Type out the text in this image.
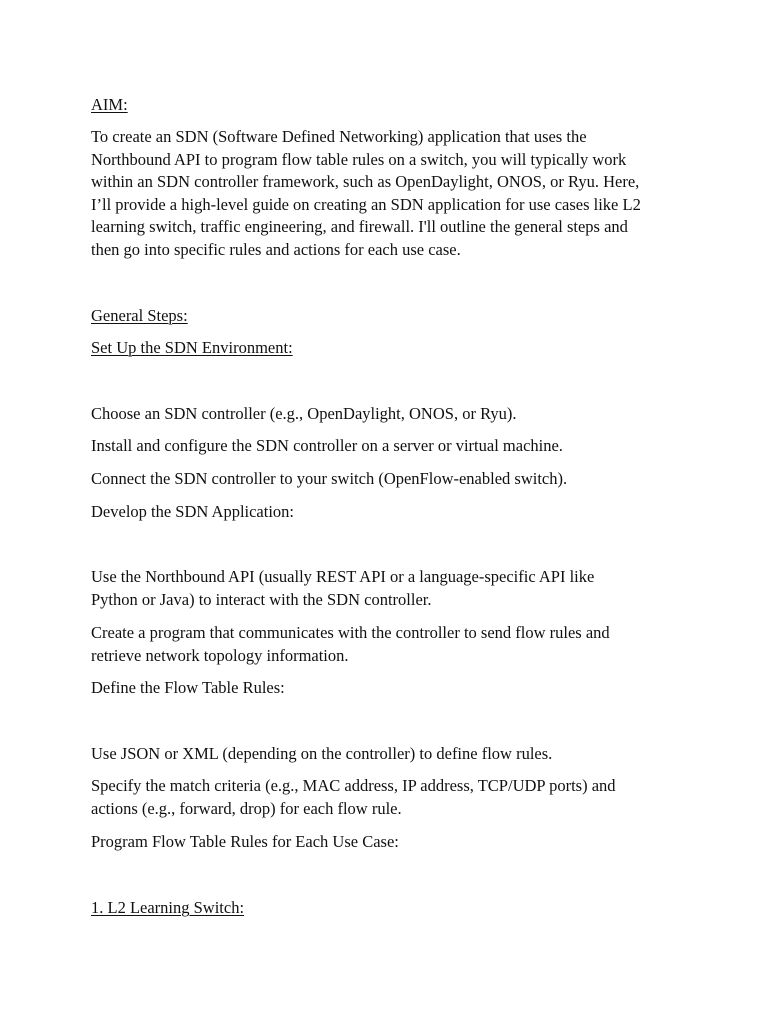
AIM:

To create an SDN (Software Defined Networking) application that uses the
Northbound API to program flow table rules on a switch, you will typically work
within an SDN controller framework, such as OpenDaylight, ONOS, or Ryu. Here,
I’ll provide a high-level guide on creating an SDN application for use cases like L2
learning switch, traffic engineering, and firewall. I'll outline the general steps and
then go into specific rules and actions for each use case.

General Steps:

Set Up the SDN Environment:

Choose an SDN controller (e.g., OpenDaylight, ONOS, or Ryu).

Install and configure the SDN controller on a server or virtual machine.

Connect the SDN controller to your switch (OpenFlow-enabled switch).

Develop the SDN Application:

Use the Northbound API (usually REST API or a language-specific API like
Python or Java) to interact with the SDN controller.

Create a program that communicates with the controller to send flow rules and
retrieve network topology information.

Define the Flow Table Rules:

Use JSON or XML (depending on the controller) to define flow rules.

Specify the match criteria (e.g., MAC address, IP address, TCP/UDP ports) and
actions (e.g., forward, drop) for each flow rule.

Program Flow Table Rules for Each Use Case:

1. L2 Learning Switch:
